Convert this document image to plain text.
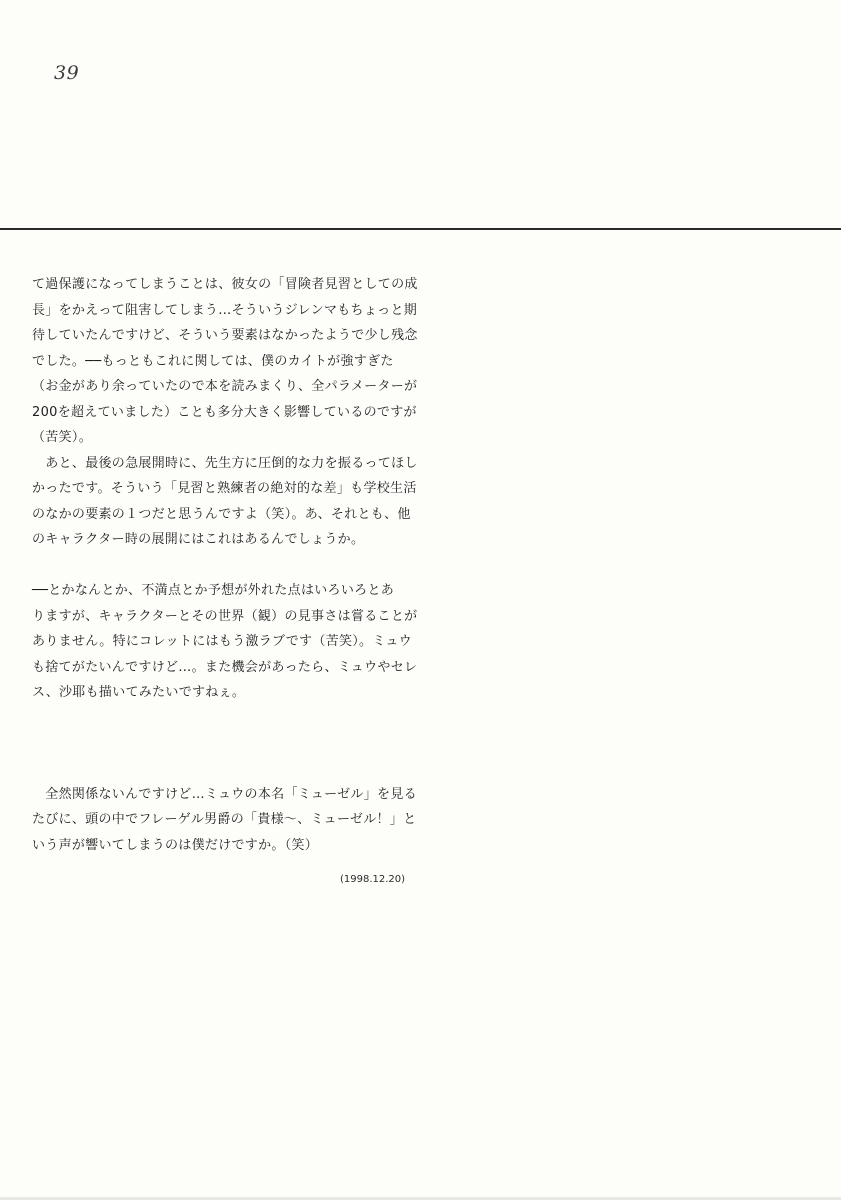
39
て過保護になってしまうことは、彼女の「冒険者見習としての成
長」をかえって阻害してしまう…そういうジレンマもちょっと期
待していたんですけど、そういう要素はなかったようで少し残念
でした。──もっともこれに関しては、僕のカイトが強すぎた
（お金があり余っていたので本を読みまくり、全パラメーターが
200を超えていました）ことも多分大きく影響しているのですが
（苦笑）。
　あと、最後の急展開時に、先生方に圧倒的な力を振るってほし
かったです。そういう「見習と熟練者の絶対的な差」も学校生活
のなかの要素の１つだと思うんですよ（笑）。あ、それとも、他
のキャラクター時の展開にはこれはあるんでしょうか。
──とかなんとか、不満点とか予想が外れた点はいろいろとあ
りますが、キャラクターとその世界（観）の見事さは嘗ることが
ありません。特にコレットにはもう激ラブです（苦笑）。ミュウ
も捨てがたいんですけど…。また機会があったら、ミュウやセレ
ス、沙耶も描いてみたいですねぇ。
　全然関係ないんですけど…ミュウの本名「ミューゼル」を見る
たびに、頭の中でフレーゲル男爵の「貴様〜、ミューゼル！」と
いう声が響いてしまうのは僕だけですか。（笑）
(1998.12.20)
